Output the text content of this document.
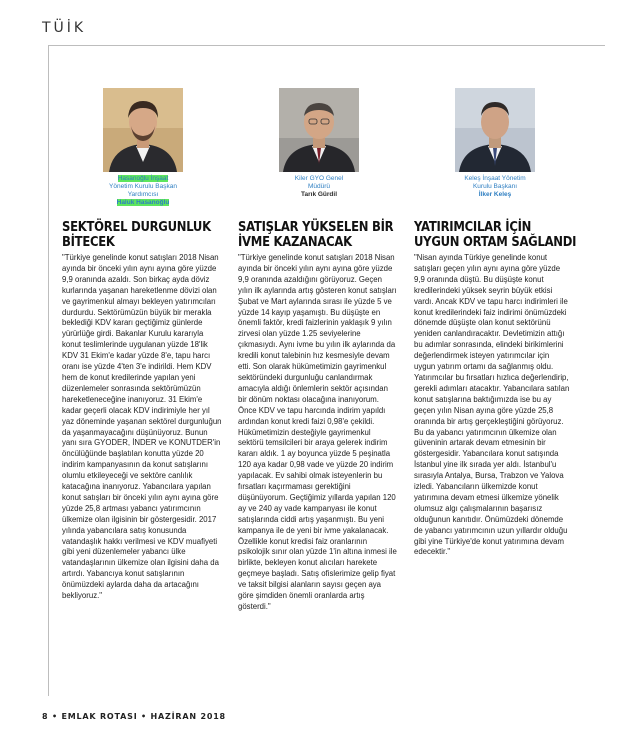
TÜİK
Hasanoğlu İnşaat
Yönetim Kurulu Başkan
Yardımcısı
Haluk Hasanoğlu
Kiler GYO Genel
Müdürü
Tarık Gürdil
Keleş İnşaat Yönetim
Kurulu Başkanı
İlker Keleş
SEKTÖREL DURGUNLUK BİTECEK
SATIŞLAR YÜKSELEN BİR İVME KAZANACAK
YATIRIMCILAR İÇİN UYGUN ORTAM SAĞLANDI
"Türkiye genelinde konut satışları 2018 Nisan ayında bir önceki yılın aynı ayına göre yüzde 9,9 oranında azaldı. Son birkaç ayda döviz kurlarında yaşanan hareketlenme dövizi olan ve gayrimenkul almayı bekleyen yatırımcıları durdurdu. Sektörümüzün büyük bir merakla beklediği KDV kararı geçtiğimiz günlerde yürürlüğe girdi. Bakanlar Kurulu kararıyla konut teslimlerinde uygulanan yüzde 18'lik KDV 31 Ekim'e kadar yüzde 8'e, tapu harcı oranı ise yüzde 4'ten 3'e indirildi. Hem KDV hem de konut kredilerinde yapılan yeni düzenlemeler sonrasında sektörümüzün hareketleneceğine inanıyoruz. 31 Ekim'e kadar geçerli olacak KDV indirimiyle her yıl yaz döneminde yaşanan sektörel durgunluğun da yaşanmayacağını düşünüyoruz. Bunun yanı sıra GYODER, İNDER ve KONUTDER'in öncülüğünde başlatılan konutta yüzde 20 indirim kampanyasının da konut satışlarını olumlu etkileyeceği ve sektöre canlılık katacağına inanıyoruz. Yabancılara yapılan konut satışları bir önceki yılın aynı ayına göre yüzde 25,8 artması yabancı yatırımcının ülkemize olan ilgisinin bir göstergesidir. 2017 yılında yabancılara satış konusunda vatandaşlık hakkı verilmesi ve KDV muafiyeti gibi yeni düzenlemeler yabancı ülke vatandaşlarının ülkemize olan ilgisini daha da artırdı. Yabancıya konut satışlarının önümüzdeki aylarda daha da artacağını bekliyoruz."
"Türkiye genelinde konut satışları 2018 Nisan ayında bir önceki yılın aynı ayına göre yüzde 9,9 oranında azaldığını görüyoruz. Geçen yılın ilk aylarında artış gösteren konut satışları Şubat ve Mart aylarında sırası ile yüzde 5 ve yüzde 14 kayıp yaşamıştı. Bu düşüşte en önemli faktör, kredi faizlerinin yaklaşık 9 yılın zirvesi olan yüzde 1.25 seviyelerine çıkmasıydı. Aynı ivme bu yılın ilk aylarında da kredili konut talebinin hız kesmesiyle devam etti. Son olarak hükümetimizin gayrimenkul sektöründeki durgunluğu canlandırmak amacıyla aldığı önlemlerin sektör açısından bir dönüm noktası olacağına inanıyorum. Önce KDV ve tapu harcında indirim yapıldı ardından konut kredi faizi 0,98'e çekildi. Hükümetimizin desteğiyle gayrimenkul sektörü temsilcileri bir araya gelerek indirim kararı aldık. 1 ay boyunca yüzde 5 peşinatla 120 aya kadar 0,98 vade ve yüzde 20 indirim yapılacak. Ev sahibi olmak isteyenlerin bu fırsatları kaçırmaması gerektiğini düşünüyorum. Geçtiğimiz yıllarda yapılan 120 ay ve 240 ay vade kampanyası ile konut satışlarında ciddi artış yaşanmıştı. Bu yeni kampanya ile de yeni bir ivme yakalanacak. Özellikle konut kredisi faiz oranlarının psikolojik sınır olan yüzde 1'in altına inmesi ile birlikte, bekleyen konut alıcıları harekete geçmeye başladı. Satış ofislerimize gelip fiyat ve taksit bilgisi alanların sayısı geçen aya göre şimdiden önemli oranlarda artış gösterdi."
"Nisan ayında Türkiye genelinde konut satışları geçen yılın aynı ayına göre yüzde 9,9 oranında düştü. Bu düşüşte konut kredilerindeki yüksek seyrin büyük etkisi vardı. Ancak KDV ve tapu harcı indirimleri ile konut kredilerindeki faiz indirimi önümüzdeki dönemde düşüşte olan konut sektörünü yeniden canlandıracaktır. Devletimizin attığı bu adımlar sonrasında, elindeki birikimlerini değerlendirmek isteyen yatırımcılar için uygun yatırım ortamı da sağlanmış oldu. Yatırımcılar bu fırsatları hızlıca değerlendirip, gerekli adımları atacaktır. Yabancılara satılan konut satışlarına baktığımızda ise bu ay geçen yılın Nisan ayına göre yüzde 25,8 oranında bir artış gerçekleştiğini görüyoruz. Bu da yabancı yatırımcının ülkemize olan güveninin artarak devam etmesinin bir göstergesidir. Yabancılara konut satışında İstanbul yine ilk sırada yer aldı. İstanbul'u sırasıyla Antalya, Bursa, Trabzon ve Yalova izledi. Yabancıların ülkemizde konut yatırımına devam etmesi ülkemize yönelik olumsuz algı çalışmalarının başarısız olduğunun kanıtıdır. Önümüzdeki dönemde de yabancı yatırımcının uzun yıllardır olduğu gibi yine Türkiye'de konut yatırımına devam edecektir."
8 • EMLAK ROTASI • HAZİRAN 2018
